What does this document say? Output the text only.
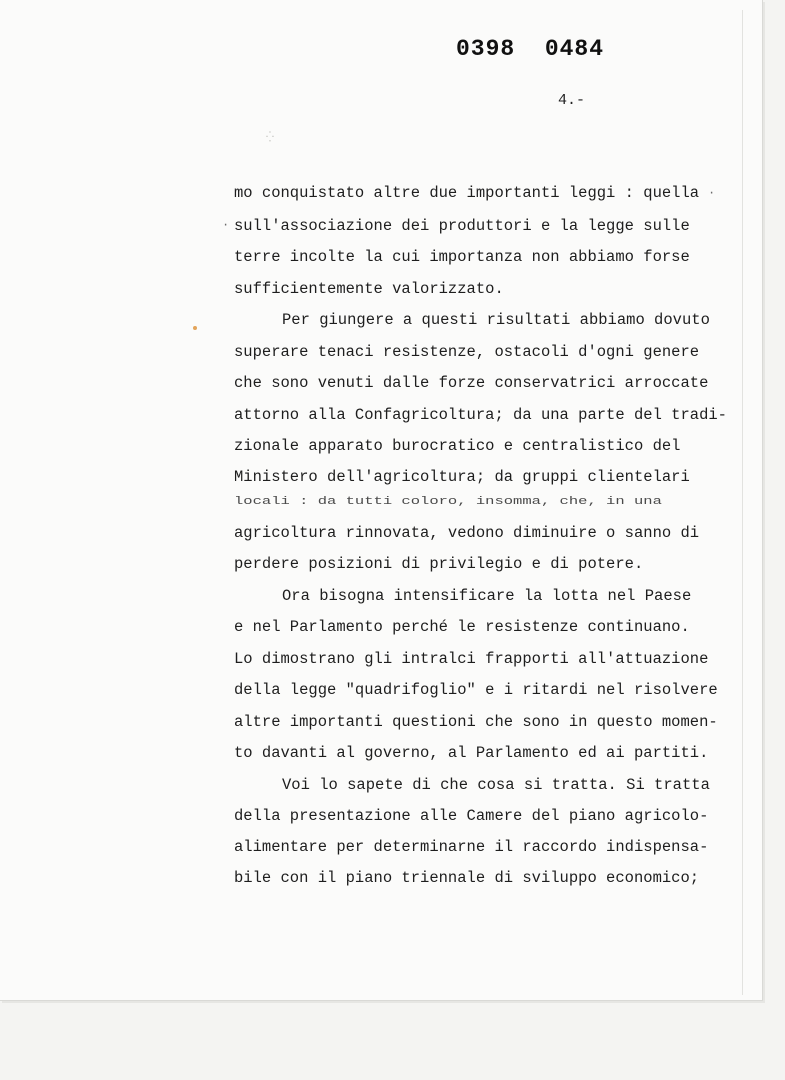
0398  0484
4.-
⁛
·
·
mo conquistato altre due importanti leggi : quella
sull'associazione dei produttori e la legge sulle
terre incolte la cui importanza non abbiamo forse
sufficientemente valorizzato.
Per giungere a questi risultati abbiamo dovuto
superare tenaci resistenze, ostacoli d'ogni genere
che sono venuti dalle forze conservatrici arroccate
attorno alla Confagricoltura; da una parte del tradi-
zionale apparato burocratico e centralistico del
Ministero dell'agricoltura; da gruppi clientelari
locali : da tutti coloro, insomma, che, in una
agricoltura rinnovata, vedono diminuire o sanno di
perdere posizioni di privilegio e di potere.
Ora bisogna intensificare la lotta nel Paese
e nel Parlamento perché le resistenze continuano.
Lo dimostrano gli intralci frapporti all'attuazione
della legge "quadrifoglio" e i ritardi nel risolvere
altre importanti questioni che sono in questo momen-
to davanti al governo, al Parlamento ed ai partiti.
Voi lo sapete di che cosa si tratta. Si tratta
della presentazione alle Camere del piano agricolo-
alimentare per determinarne il raccordo indispensa-
bile con il piano triennale di sviluppo economico;
